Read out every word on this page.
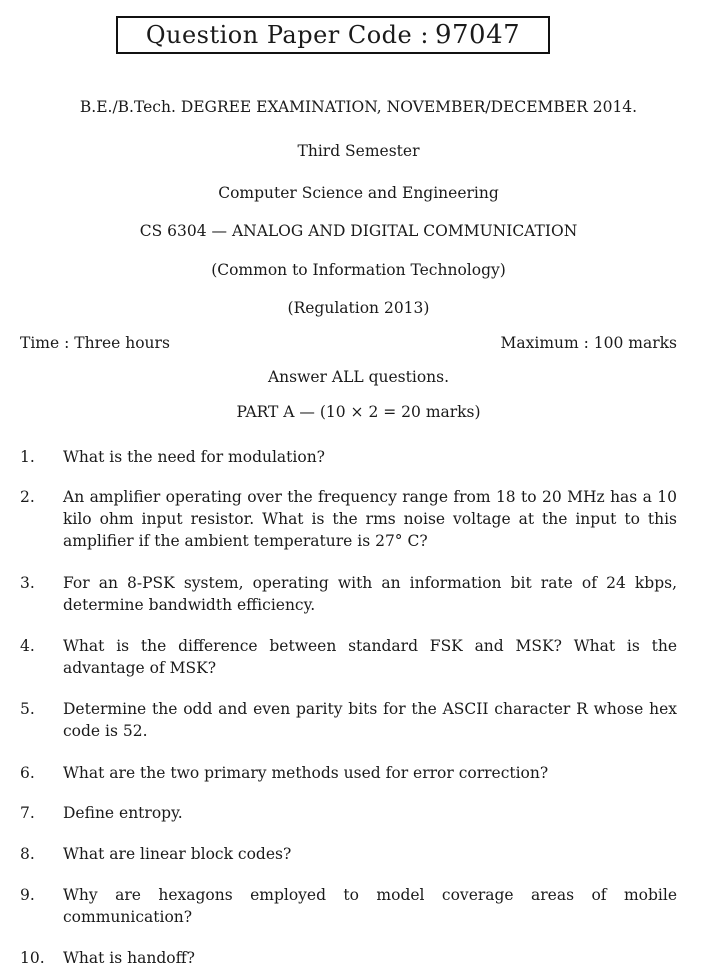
Question Paper Code : 97047
B.E./B.Tech. DEGREE EXAMINATION, NOVEMBER/DECEMBER 2014.
Third Semester
Computer Science and Engineering
CS 6304 — ANALOG AND DIGITAL COMMUNICATION
(Common to Information Technology)
(Regulation 2013)
Time : Three hours	Maximum : 100 marks
Answer ALL questions.
PART A — (10 × 2 = 20 marks)
1.	What is the need for modulation?
2.	An amplifier operating over the frequency range from 18 to 20 MHz has a 10 kilo ohm input resistor. What is the rms noise voltage at the input to this amplifier if the ambient temperature is 27° C?
3.	For an 8-PSK system, operating with an information bit rate of 24 kbps, determine bandwidth efficiency.
4.	What is the difference between standard FSK and MSK? What is the advantage of MSK?
5.	Determine the odd and even parity bits for the ASCII character R whose hex code is 52.
6.	What are the two primary methods used for error correction?
7.	Define entropy.
8.	What are linear block codes?
9.	Why are hexagons employed to model coverage areas of mobile communication?
10.	What is handoff?
